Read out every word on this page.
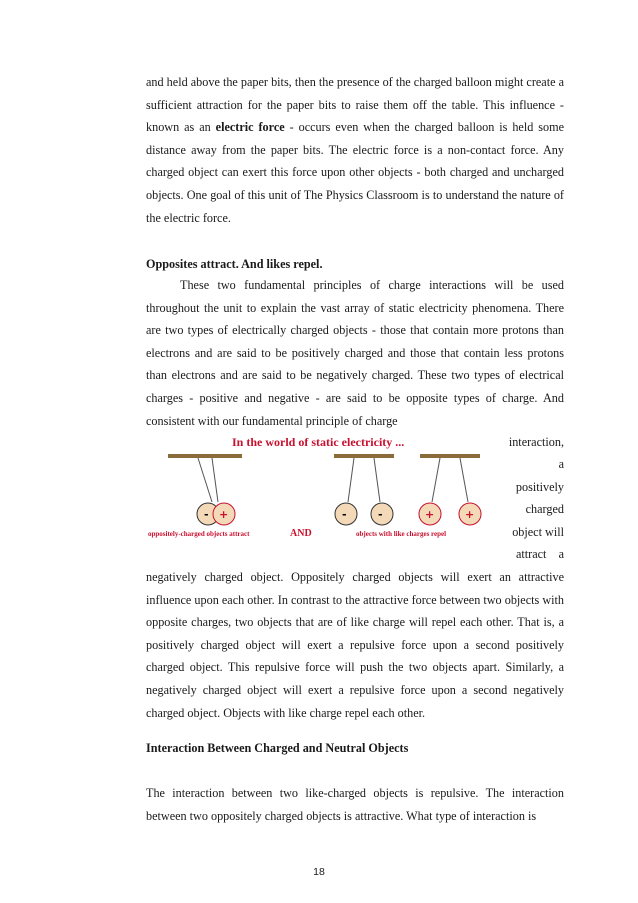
and held above the paper bits, then the presence of the charged balloon might create a sufficient attraction for the paper bits to raise them off the table. This influence - known as an electric force - occurs even when the charged balloon is held some distance away from the paper bits. The electric force is a non-contact force. Any charged object can exert this force upon other objects - both charged and uncharged objects. One goal of this unit of The Physics Classroom is to understand the nature of the electric force.

Opposites attract. And likes repel.

These two fundamental principles of charge interactions will be used throughout the unit to explain the vast array of static electricity phenomena. There are two types of electrically charged objects - those that contain more protons than electrons and are said to be positively charged and those that contain less protons than electrons and are said to be negatively charged. These two types of electrical charges - positive and negative - are said to be opposite types of charge. And consistent with our fundamental principle of charge

In the world of static electricity ...
- +	-	-	+	+
oppositely-charged objects attract	AND	objects with like charges repel

interaction,

a

positively

charged

object will

attract    a

negatively charged object. Oppositely charged objects will exert an attractive influence upon each other. In contrast to the attractive force between two objects with opposite charges, two objects that are of like charge will repel each other. That is, a positively charged object will exert a repulsive force upon a second positively charged object. This repulsive force will push the two objects apart. Similarly, a negatively charged object will exert a repulsive force upon a second negatively charged object. Objects with like charge repel each other.

Interaction Between Charged and Neutral Objects

The interaction between two like-charged objects is repulsive. The interaction between two oppositely charged objects is attractive. What type of interaction is

18
